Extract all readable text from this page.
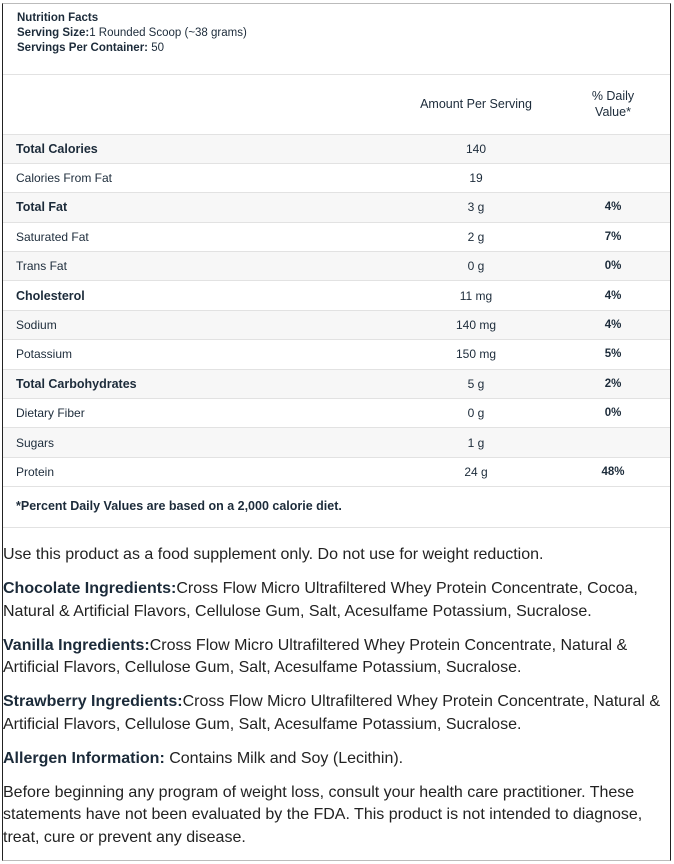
Nutrition Facts
Serving Size:1 Rounded Scoop (~38 grams)
Servings Per Container: 50
	Amount Per Serving	% Daily Value*
Total Calories	140	
Calories From Fat	19	
Total Fat	3 g	4%
Saturated Fat	2 g	7%
Trans Fat	0 g	0%
Cholesterol	11 mg	4%
Sodium	140 mg	4%
Potassium	150 mg	5%
Total Carbohydrates	5 g	2%
Dietary Fiber	0 g	0%
Sugars	1 g	
Protein	24 g	48%
*Percent Daily Values are based on a 2,000 calorie diet.

Use this product as a food supplement only. Do not use for weight reduction.

Chocolate Ingredients:Cross Flow Micro Ultrafiltered Whey Protein Concentrate, Cocoa, Natural & Artificial Flavors, Cellulose Gum, Salt, Acesulfame Potassium, Sucralose.

Vanilla Ingredients:Cross Flow Micro Ultrafiltered Whey Protein Concentrate, Natural & Artificial Flavors, Cellulose Gum, Salt, Acesulfame Potassium, Sucralose.

Strawberry Ingredients:Cross Flow Micro Ultrafiltered Whey Protein Concentrate, Natural & Artificial Flavors, Cellulose Gum, Salt, Acesulfame Potassium, Sucralose.

Allergen Information: Contains Milk and Soy (Lecithin).

Before beginning any program of weight loss, consult your health care practitioner. These statements have not been evaluated by the FDA. This product is not intended to diagnose, treat, cure or prevent any disease.
